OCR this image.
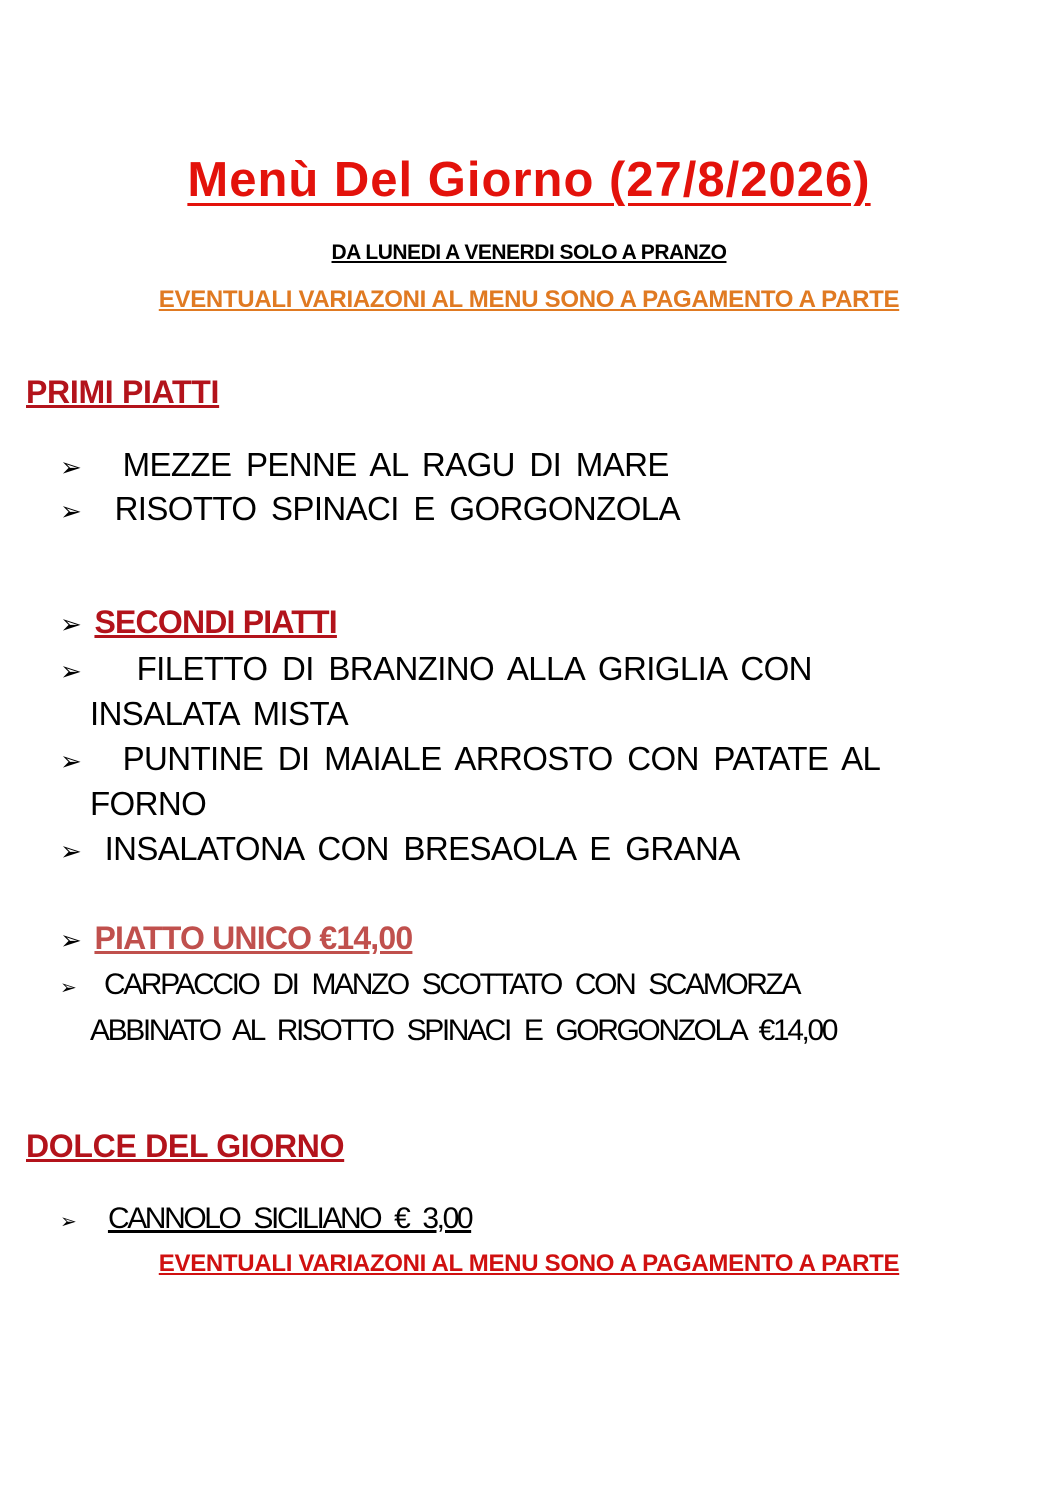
Menù Del Giorno (27/8/2026)
DA LUNEDI A VENERDI SOLO A PRANZO
EVENTUALI VARIAZONI AL MENU SONO A PAGAMENTO A PARTE
PRIMI PIATTI
➢ MEZZE PENNE AL RAGU DI MARE
➢ RISOTTO SPINACI E GORGONZOLA
➢ SECONDI PIATTI
➢ FILETTO DI BRANZINO ALLA GRIGLIA CON
INSALATA MISTA
➢ PUNTINE DI MAIALE ARROSTO CON PATATE AL
FORNO
➢ INSALATONA CON BRESAOLA E GRANA
➢ PIATTO UNICO €14,00
➢ CARPACCIO DI MANZO SCOTTATO CON SCAMORZA
ABBINATO AL RISOTTO SPINACI E GORGONZOLA €14,00
DOLCE DEL GIORNO
➢ CANNOLO SICILIANO € 3,00
EVENTUALI VARIAZONI AL MENU SONO A PAGAMENTO A PARTE
